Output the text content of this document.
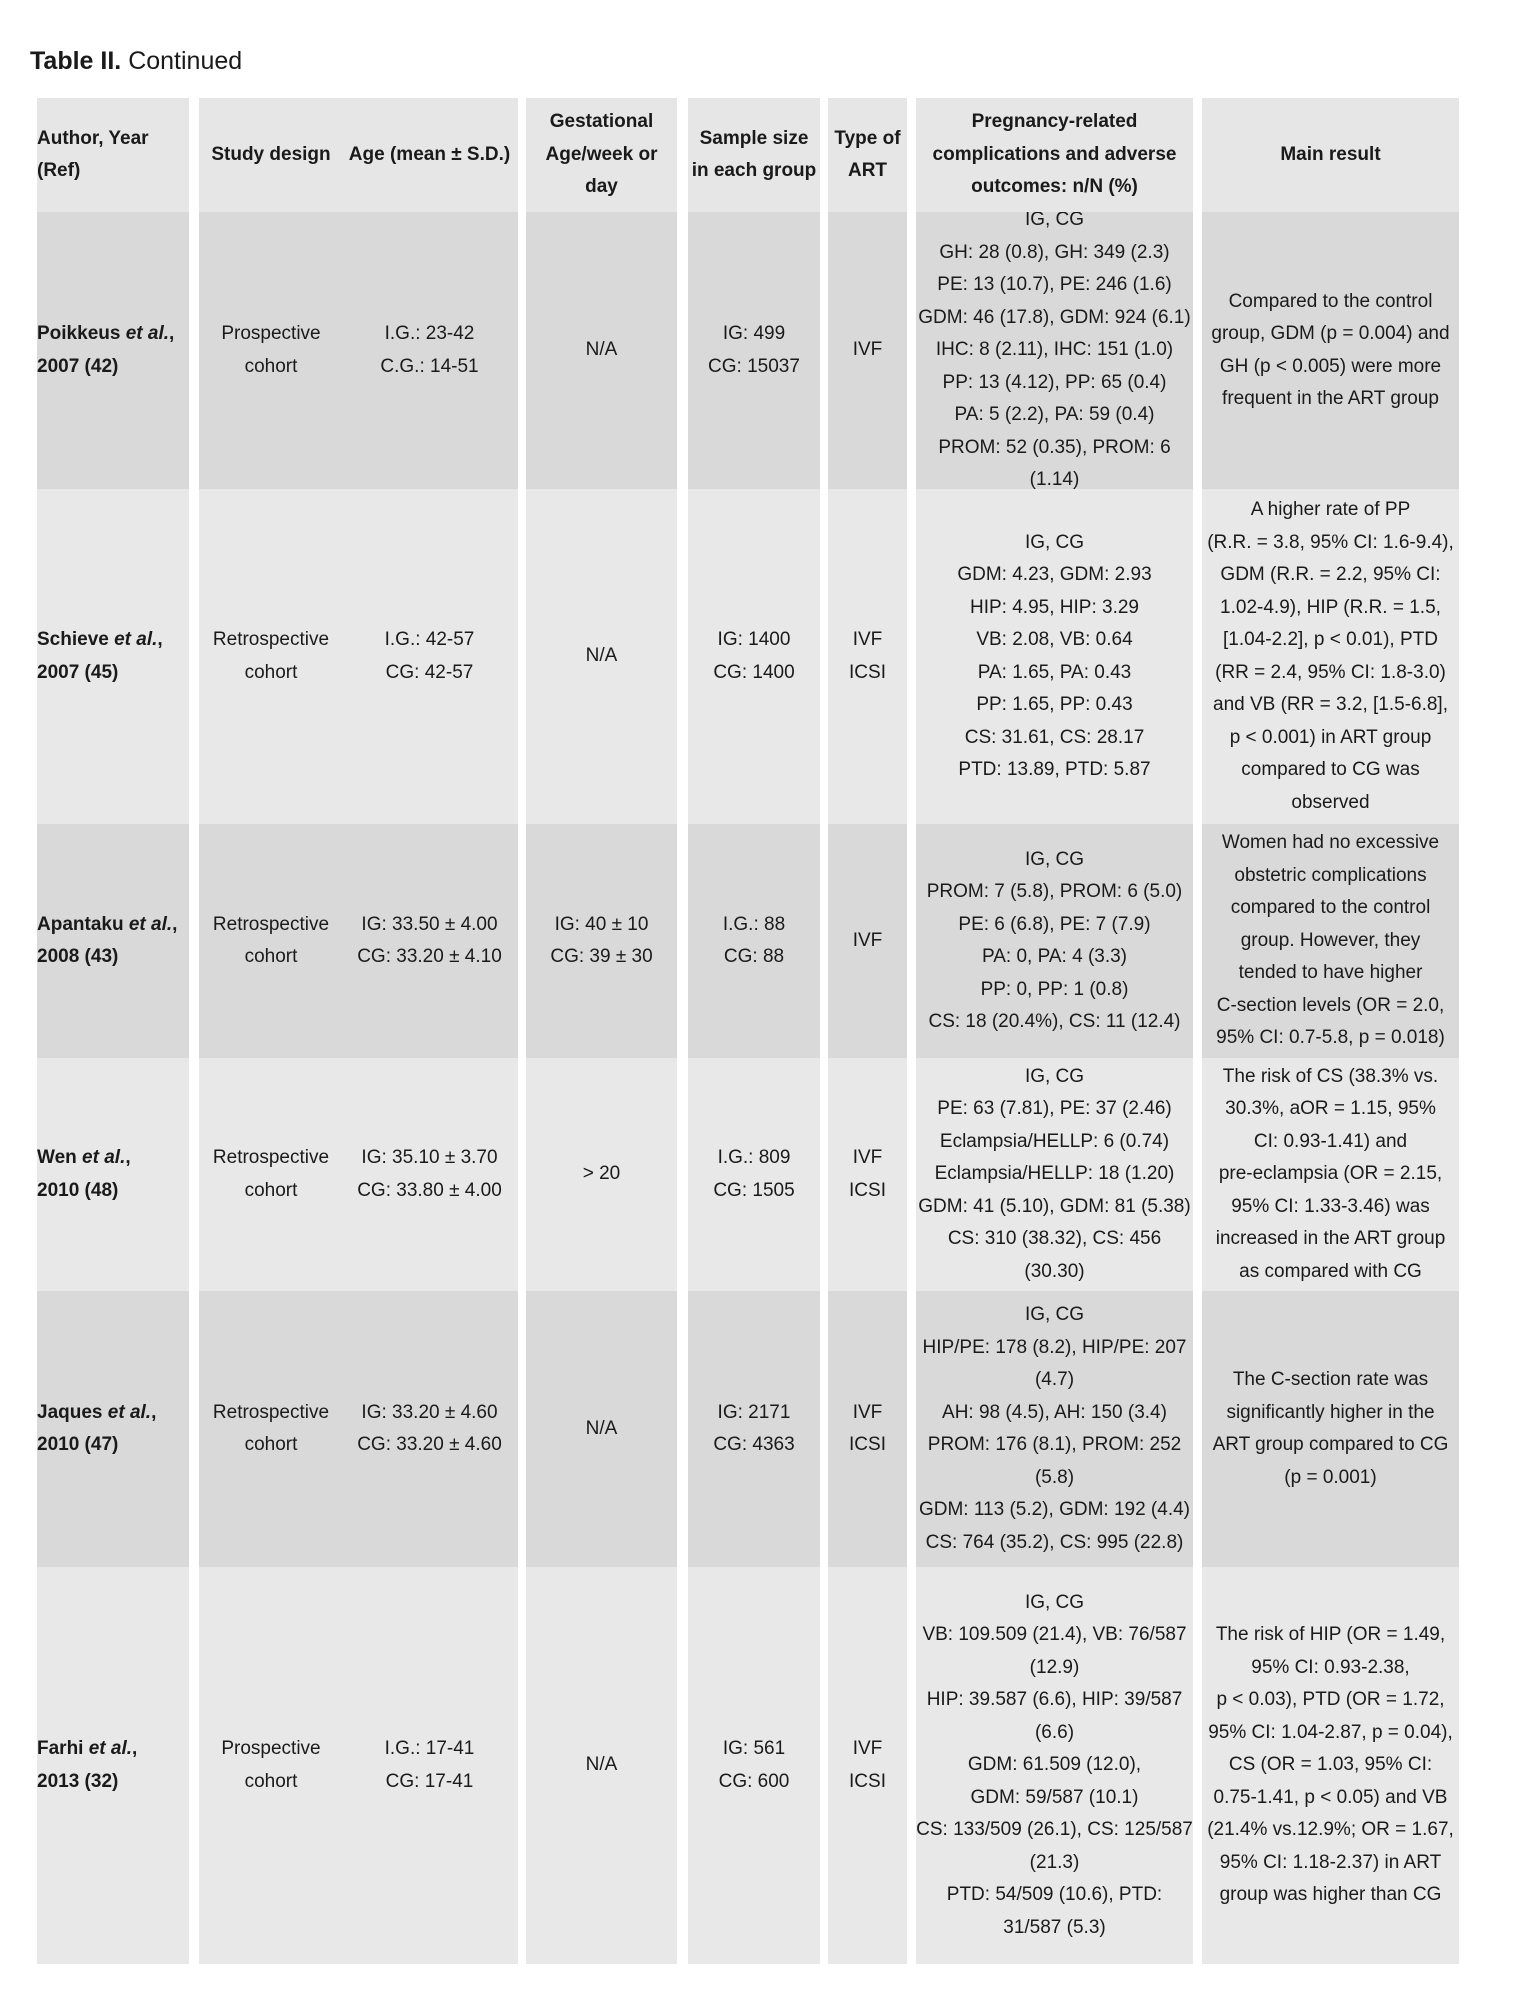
Table II. Continued
Author, Year
(Ref)
Poikkeus et al.,
2007 (42)
Schieve et al.,
2007 (45)
Apantaku et al.,
2008 (43)
Wen et al.,
2010 (48)
Jaques et al.,
2010 (47)
Farhi et al.,
2013 (32)
Study design
Prospective
cohort
Retrospective
cohort
Retrospective
cohort
Retrospective
cohort
Retrospective
cohort
Prospective
cohort
Age (mean ± S.D.)
I.G.: 23-42
C.G.: 14-51
I.G.: 42-57
CG: 42-57
IG: 33.50 ± 4.00
CG: 33.20 ± 4.10
IG: 35.10 ± 3.70
CG: 33.80 ± 4.00
IG: 33.20 ± 4.60
CG: 33.20 ± 4.60
I.G.: 17-41
CG: 17-41
Gestational
Age/week or
day
N/A
N/A
IG: 40 ± 10
CG: 39 ± 30
> 20
N/A
N/A
Sample size
in each group
IG: 499
CG: 15037
IG: 1400
CG: 1400
I.G.: 88
CG: 88
I.G.: 809
CG: 1505
IG: 2171
CG: 4363
IG: 561
CG: 600
Type of
ART
IVF
IVF
ICSI
IVF
IVF
ICSI
IVF
ICSI
IVF
ICSI
Pregnancy-related
complications and adverse
outcomes: n/N (%)
IG, CG
GH: 28 (0.8), GH: 349 (2.3)
PE: 13 (10.7), PE: 246 (1.6)
GDM: 46 (17.8), GDM: 924 (6.1)
IHC: 8 (2.11), IHC: 151 (1.0)
PP: 13 (4.12), PP: 65 (0.4)
PA: 5 (2.2), PA: 59 (0.4)
PROM: 52 (0.35), PROM: 6 (1.14)
IG, CG
GDM: 4.23, GDM: 2.93
HIP: 4.95, HIP: 3.29
VB: 2.08, VB: 0.64
PA: 1.65, PA: 0.43
PP: 1.65, PP: 0.43
CS: 31.61, CS: 28.17
PTD: 13.89, PTD: 5.87
IG, CG
PROM: 7 (5.8), PROM: 6 (5.0)
PE: 6 (6.8), PE: 7 (7.9)
PA: 0, PA: 4 (3.3)
PP: 0, PP: 1 (0.8)
CS: 18 (20.4%), CS: 11 (12.4)
IG, CG
PE: 63 (7.81), PE: 37 (2.46)
Eclampsia/HELLP: 6 (0.74)
Eclampsia/HELLP: 18 (1.20)
GDM: 41 (5.10), GDM: 81 (5.38)
CS: 310 (38.32), CS: 456
(30.30)
IG, CG
HIP/PE: 178 (8.2), HIP/PE: 207
(4.7)
AH: 98 (4.5), AH: 150 (3.4)
PROM: 176 (8.1), PROM: 252
(5.8)
GDM: 113 (5.2), GDM: 192 (4.4)
CS: 764 (35.2), CS: 995 (22.8)
IG, CG
VB: 109.509 (21.4), VB: 76/587
(12.9)
HIP: 39.587 (6.6), HIP: 39/587
(6.6)
GDM: 61.509 (12.0),
GDM: 59/587 (10.1)
CS: 133/509 (26.1), CS: 125/587
(21.3)
PTD: 54/509 (10.6), PTD:
31/587 (5.3)
Main result
Compared to the control
group, GDM (p = 0.004) and
GH (p < 0.005) were more
frequent in the ART group
A higher rate of PP
(R.R. = 3.8, 95% CI: 1.6-9.4),
GDM (R.R. = 2.2, 95% CI:
1.02-4.9), HIP (R.R. = 1.5,
[1.04-2.2], p < 0.01), PTD
(RR = 2.4, 95% CI: 1.8-3.0)
and VB (RR = 3.2, [1.5-6.8],
p < 0.001) in ART group
compared to CG was
observed
Women had no excessive
obstetric complications
compared to the control
group. However, they
tended to have higher
C-section levels (OR = 2.0,
95% CI: 0.7-5.8, p = 0.018)
The risk of CS (38.3% vs.
30.3%, aOR = 1.15, 95%
CI: 0.93-1.41) and
pre-eclampsia (OR = 2.15,
95% CI: 1.33-3.46) was
increased in the ART group
as compared with CG
The C-section rate was
significantly higher in the
ART group compared to CG
(p = 0.001)
The risk of HIP (OR = 1.49,
95% CI: 0.93-2.38,
p < 0.03), PTD (OR = 1.72,
95% CI: 1.04-2.87, p = 0.04),
CS (OR = 1.03, 95% CI:
0.75-1.41, p < 0.05) and VB
(21.4% vs.12.9%; OR = 1.67,
95% CI: 1.18-2.37) in ART
group was higher than CG
